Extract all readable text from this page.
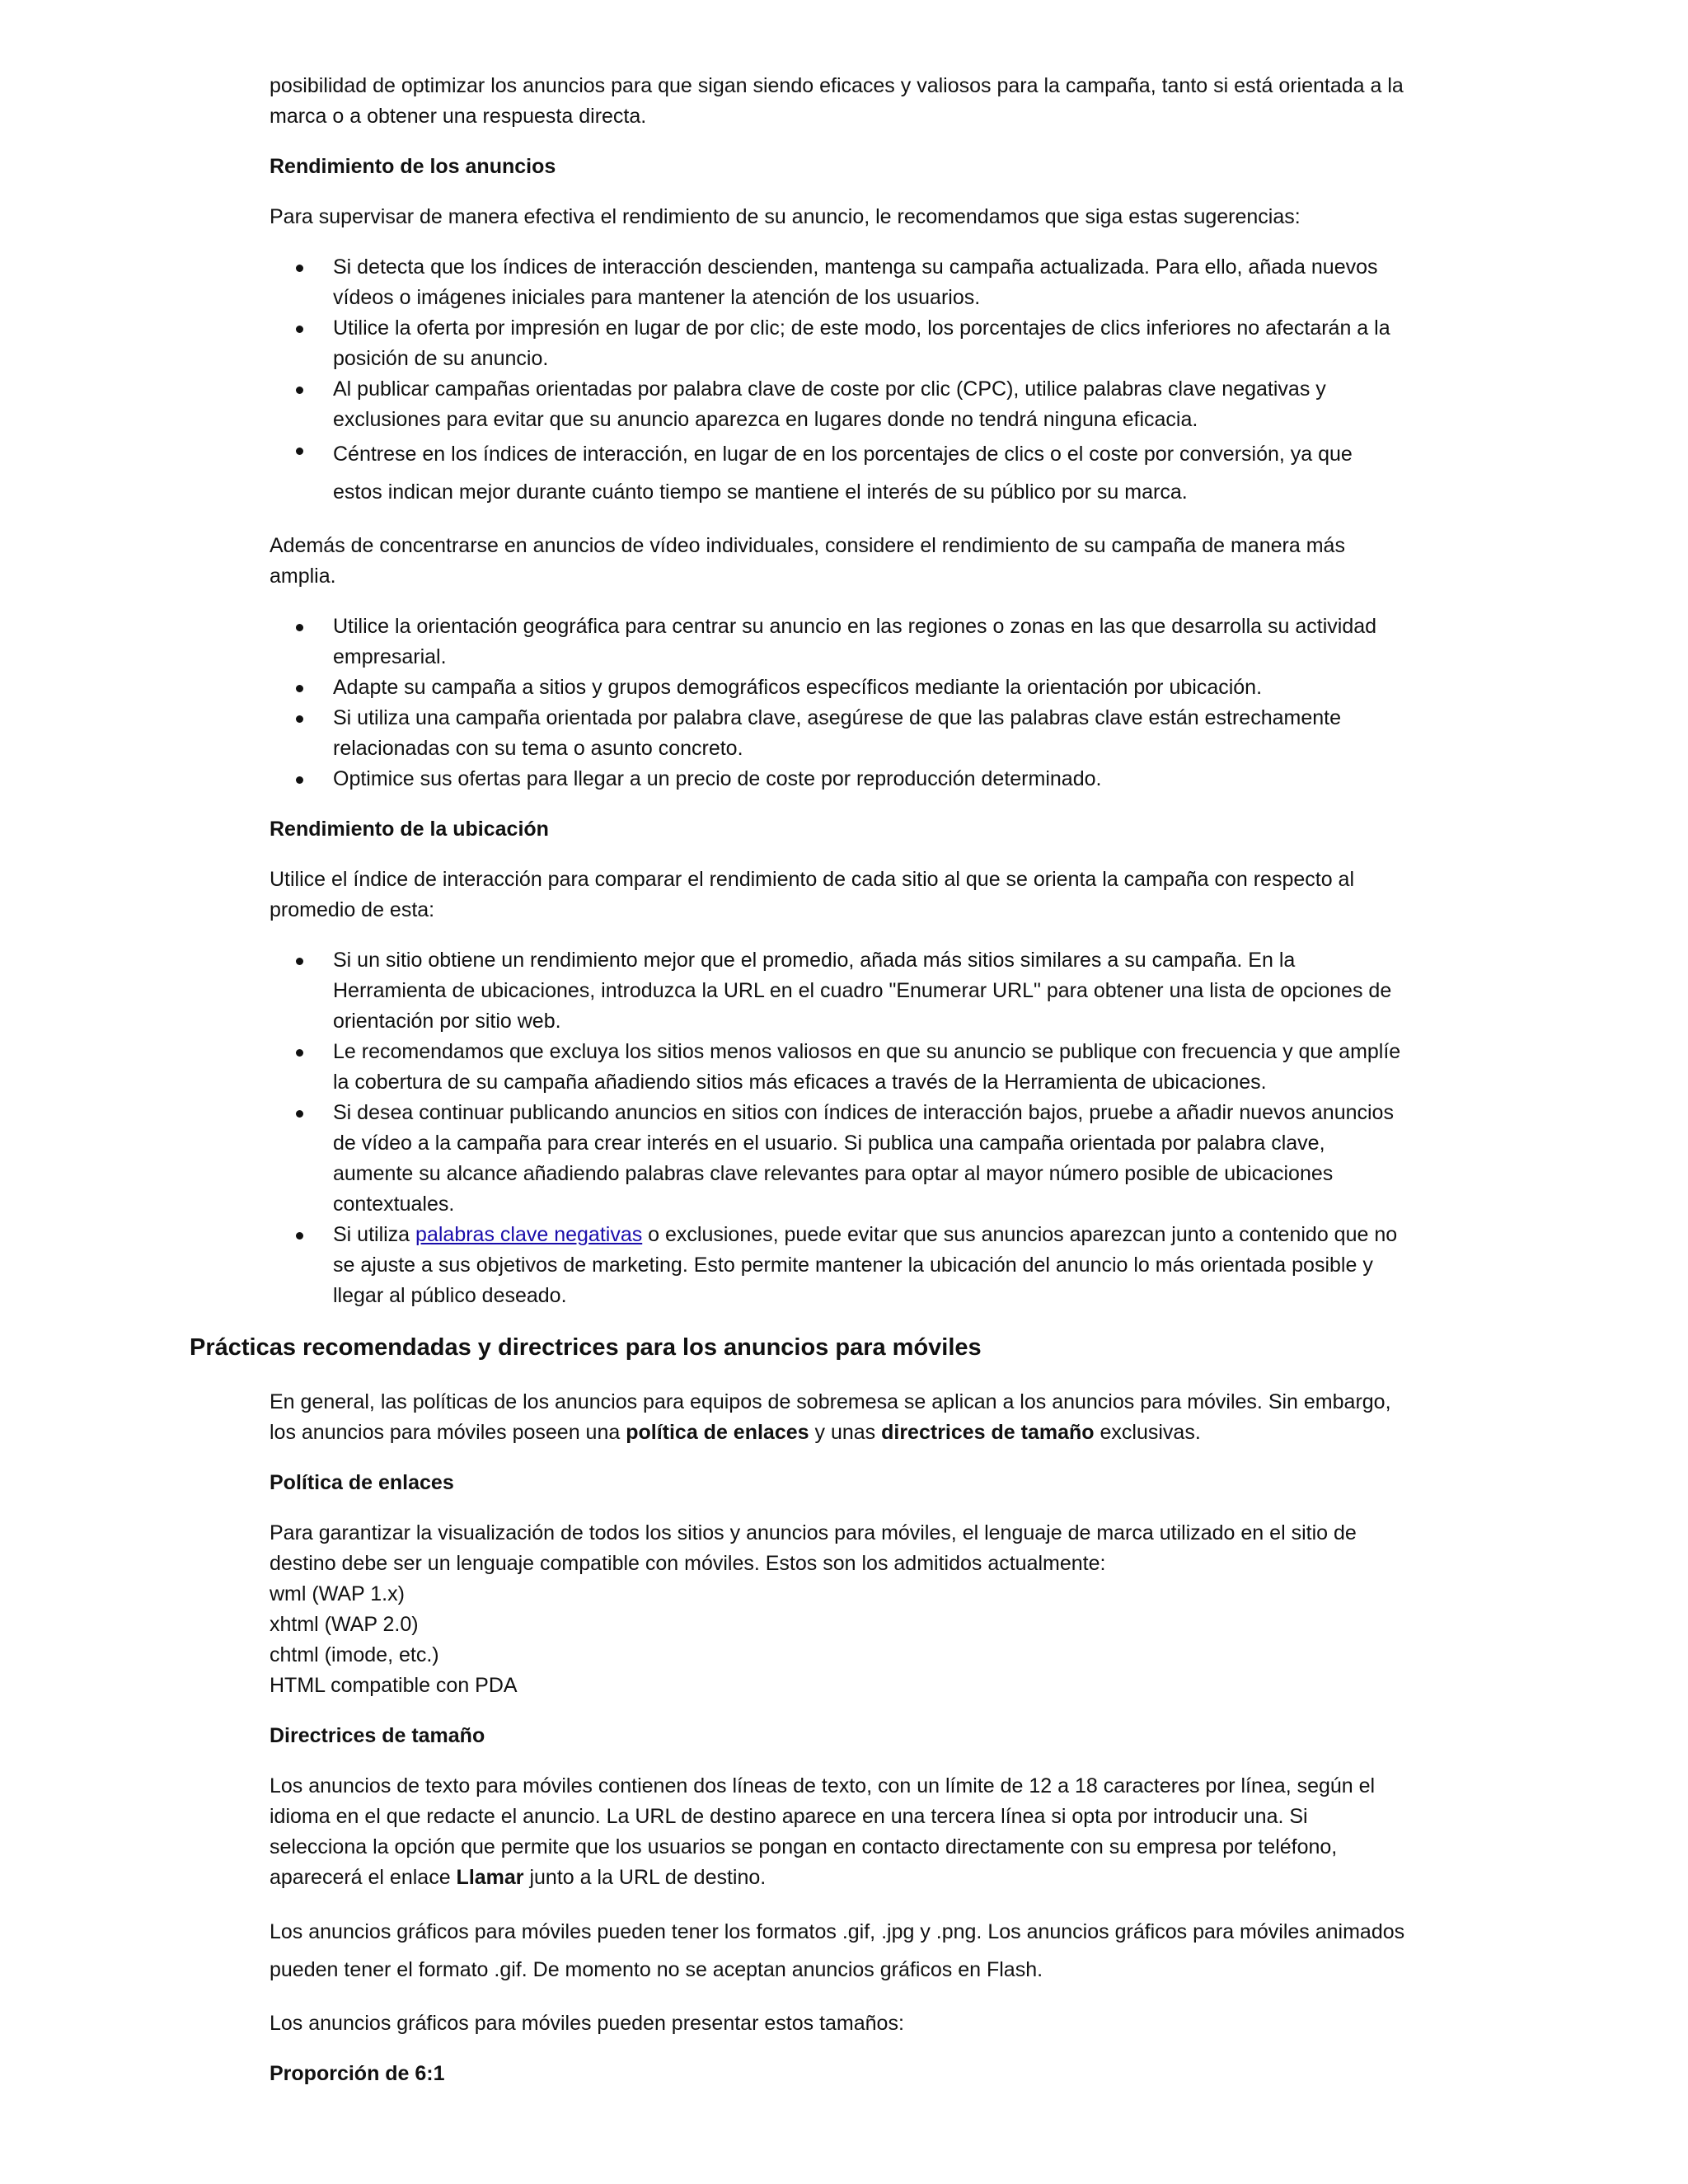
posibilidad de optimizar los anuncios para que sigan siendo eficaces y valiosos para la campaña, tanto si está orientada a la marca o a obtener una respuesta directa.

Rendimiento de los anuncios

Para supervisar de manera efectiva el rendimiento de su anuncio, le recomendamos que siga estas sugerencias:

Si detecta que los índices de interacción descienden, mantenga su campaña actualizada. Para ello, añada nuevos vídeos o imágenes iniciales para mantener la atención de los usuarios.
Utilice la oferta por impresión en lugar de por clic; de este modo, los porcentajes de clics inferiores no afectarán a la posición de su anuncio.
Al publicar campañas orientadas por palabra clave de coste por clic (CPC), utilice palabras clave negativas y exclusiones para evitar que su anuncio aparezca en lugares donde no tendrá ninguna eficacia.
Céntrese en los índices de interacción, en lugar de en los porcentajes de clics o el coste por conversión, ya que estos indican mejor durante cuánto tiempo se mantiene el interés de su público por su marca.

Además de concentrarse en anuncios de vídeo individuales, considere el rendimiento de su campaña de manera más amplia.

Utilice la orientación geográfica para centrar su anuncio en las regiones o zonas en las que desarrolla su actividad empresarial.
Adapte su campaña a sitios y grupos demográficos específicos mediante la orientación por ubicación.
Si utiliza una campaña orientada por palabra clave, asegúrese de que las palabras clave están estrechamente relacionadas con su tema o asunto concreto.
Optimice sus ofertas para llegar a un precio de coste por reproducción determinado.
Rendimiento de la ubicación

Utilice el índice de interacción para comparar el rendimiento de cada sitio al que se orienta la campaña con respecto al promedio de esta:

Si un sitio obtiene un rendimiento mejor que el promedio, añada más sitios similares a su campaña. En la Herramienta de ubicaciones, introduzca la URL en el cuadro "Enumerar URL" para obtener una lista de opciones de orientación por sitio web.
Le recomendamos que excluya los sitios menos valiosos en que su anuncio se publique con frecuencia y que amplíe la cobertura de su campaña añadiendo sitios más eficaces a través de la Herramienta de ubicaciones.
Si desea continuar publicando anuncios en sitios con índices de interacción bajos, pruebe a añadir nuevos anuncios de vídeo a la campaña para crear interés en el usuario. Si publica una campaña orientada por palabra clave, aumente su alcance añadiendo palabras clave relevantes para optar al mayor número posible de ubicaciones contextuales.
Si utiliza palabras clave negativas o exclusiones, puede evitar que sus anuncios aparezcan junto a contenido que no se ajuste a sus objetivos de marketing. Esto permite mantener la ubicación del anuncio lo más orientada posible y llegar al público deseado.
Prácticas recomendadas y directrices para los anuncios para móviles

En general, las políticas de los anuncios para equipos de sobremesa se aplican a los anuncios para móviles. Sin embargo, los anuncios para móviles poseen una política de enlaces y unas directrices de tamaño exclusivas.

Política de enlaces
Para garantizar la visualización de todos los sitios y anuncios para móviles, el lenguaje de marca utilizado en el sitio de destino debe ser un lenguaje compatible con móviles. Estos son los admitidos actualmente:
wml (WAP 1.x)
xhtml (WAP 2.0)
chtml (imode, etc.)
HTML compatible con PDA
Directrices de tamaño

Los anuncios de texto para móviles contienen dos líneas de texto, con un límite de 12 a 18 caracteres por línea, según el idioma en el que redacte el anuncio. La URL de destino aparece en una tercera línea si opta por introducir una. Si selecciona la opción que permite que los usuarios se pongan en contacto directamente con su empresa por teléfono, aparecerá el enlace Llamar junto a la URL de destino.

Los anuncios gráficos para móviles pueden tener los formatos .gif, .jpg y .png. Los anuncios gráficos para móviles animados pueden tener el formato .gif. De momento no se aceptan anuncios gráficos en Flash.

Los anuncios gráficos para móviles pueden presentar estos tamaños:

Proporción de 6:1
